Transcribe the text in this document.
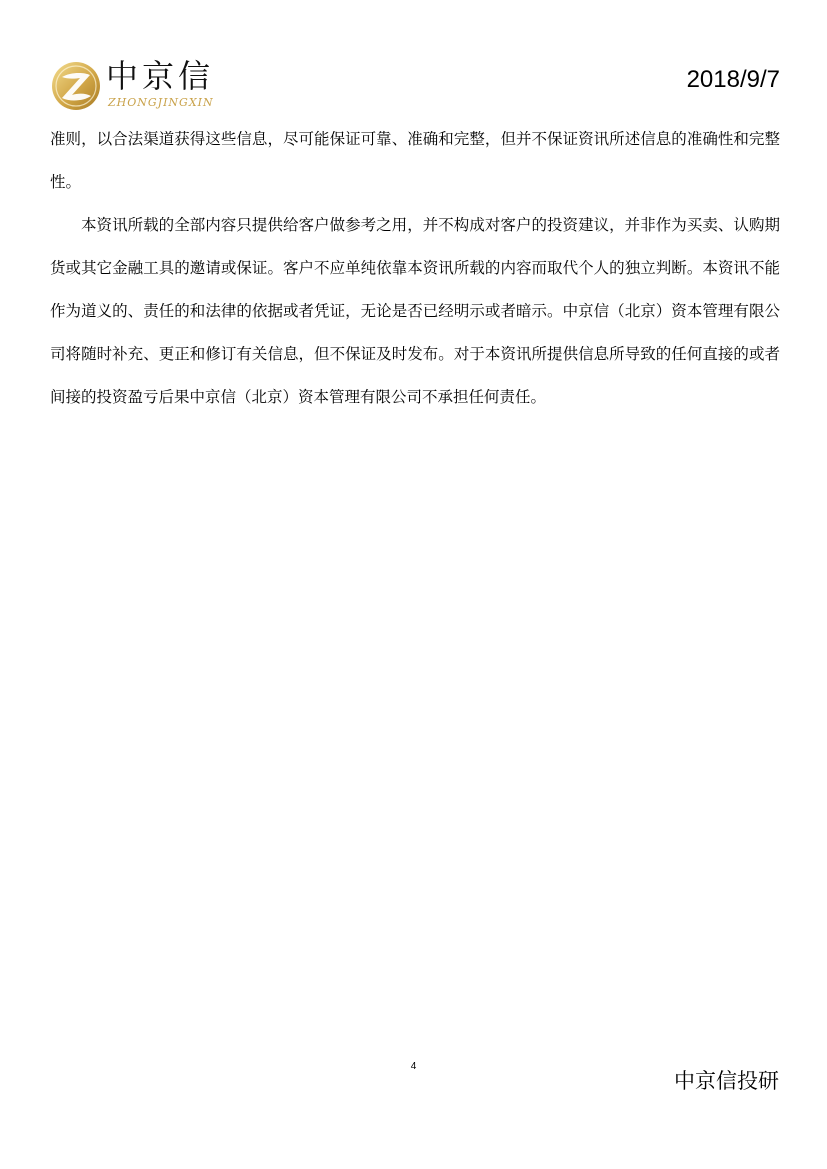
中京信
ZHONGJINGXIN
2018/9/7

准则，以合法渠道获得这些信息，尽可能保证可靠、准确和完整，但并不保证资讯所述信息的准确性和完整性。

本资讯所载的全部内容只提供给客户做参考之用，并不构成对客户的投资建议，并非作为买卖、认购期货或其它金融工具的邀请或保证。客户不应单纯依靠本资讯所载的内容而取代个人的独立判断。本资讯不能作为道义的、责任的和法律的依据或者凭证，无论是否已经明示或者暗示。中京信（北京）资本管理有限公司将随时补充、更正和修订有关信息，但不保证及时发布。对于本资讯所提供信息所导致的任何直接的或者间接的投资盈亏后果中京信（北京）资本管理有限公司不承担任何责任。

4
中京信投研
